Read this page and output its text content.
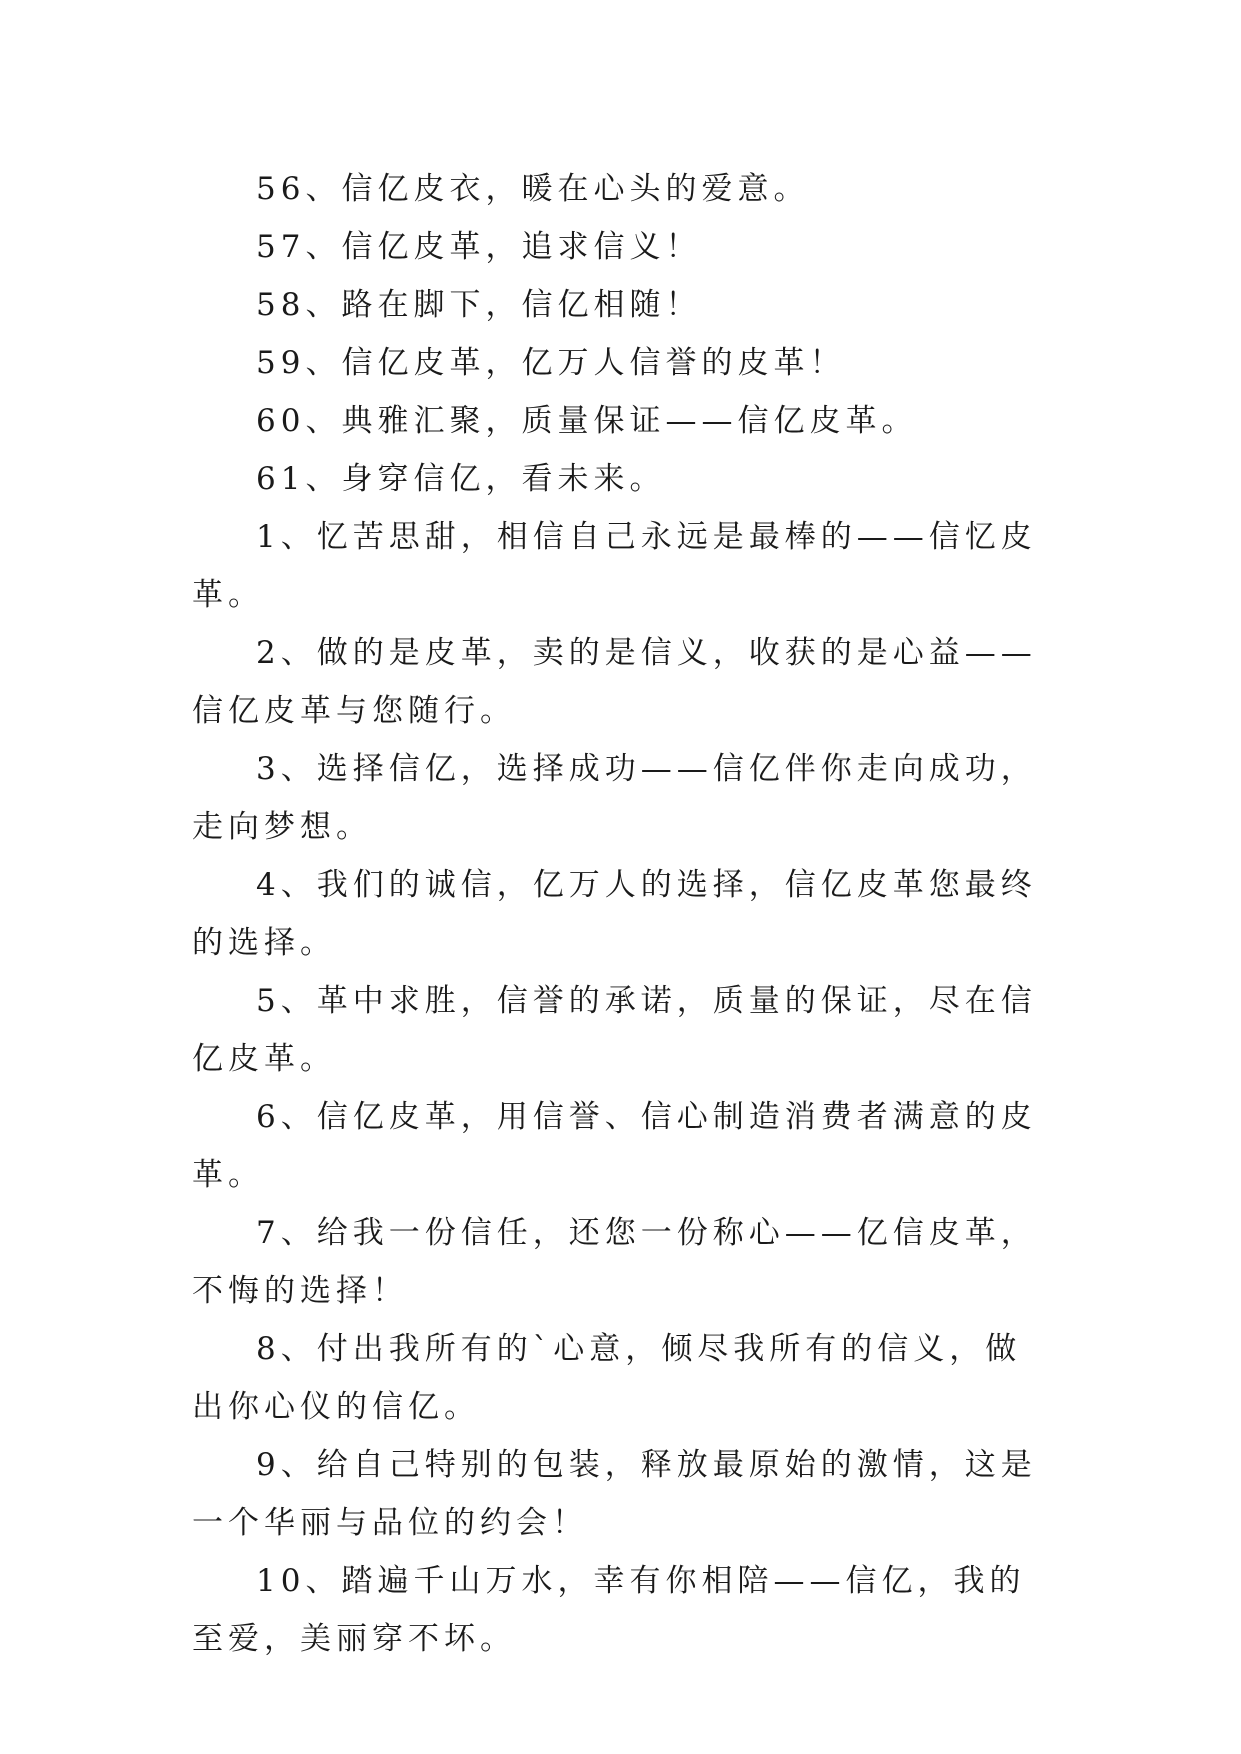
56、信亿皮衣，暖在心头的爱意。

57、信亿皮革，追求信义！

58、路在脚下，信亿相随！

59、信亿皮革，亿万人信誉的皮革！

60、典雅汇聚，质量保证——信亿皮革。

61、身穿信亿，看未来。

1、忆苦思甜，相信自己永远是最棒的——信忆皮革。

2、做的是皮革，卖的是信义，收获的是心益——信亿皮革与您随行。

3、选择信亿，选择成功——信亿伴你走向成功，走向梦想。

4、我们的诚信，亿万人的选择，信亿皮革您最终的选择。

5、革中求胜，信誉的承诺，质量的保证，尽在信亿皮革。

6、信亿皮革，用信誉、信心制造消费者满意的皮革。

7、给我一份信任，还您一份称心——亿信皮革，不悔的选择！

8、付出我所有的`心意，倾尽我所有的信义，做出你心仪的信亿。

9、给自己特别的包装，释放最原始的激情，这是一个华丽与品位的约会！

10、踏遍千山万水，幸有你相陪——信亿，我的至爱，美丽穿不坏。
